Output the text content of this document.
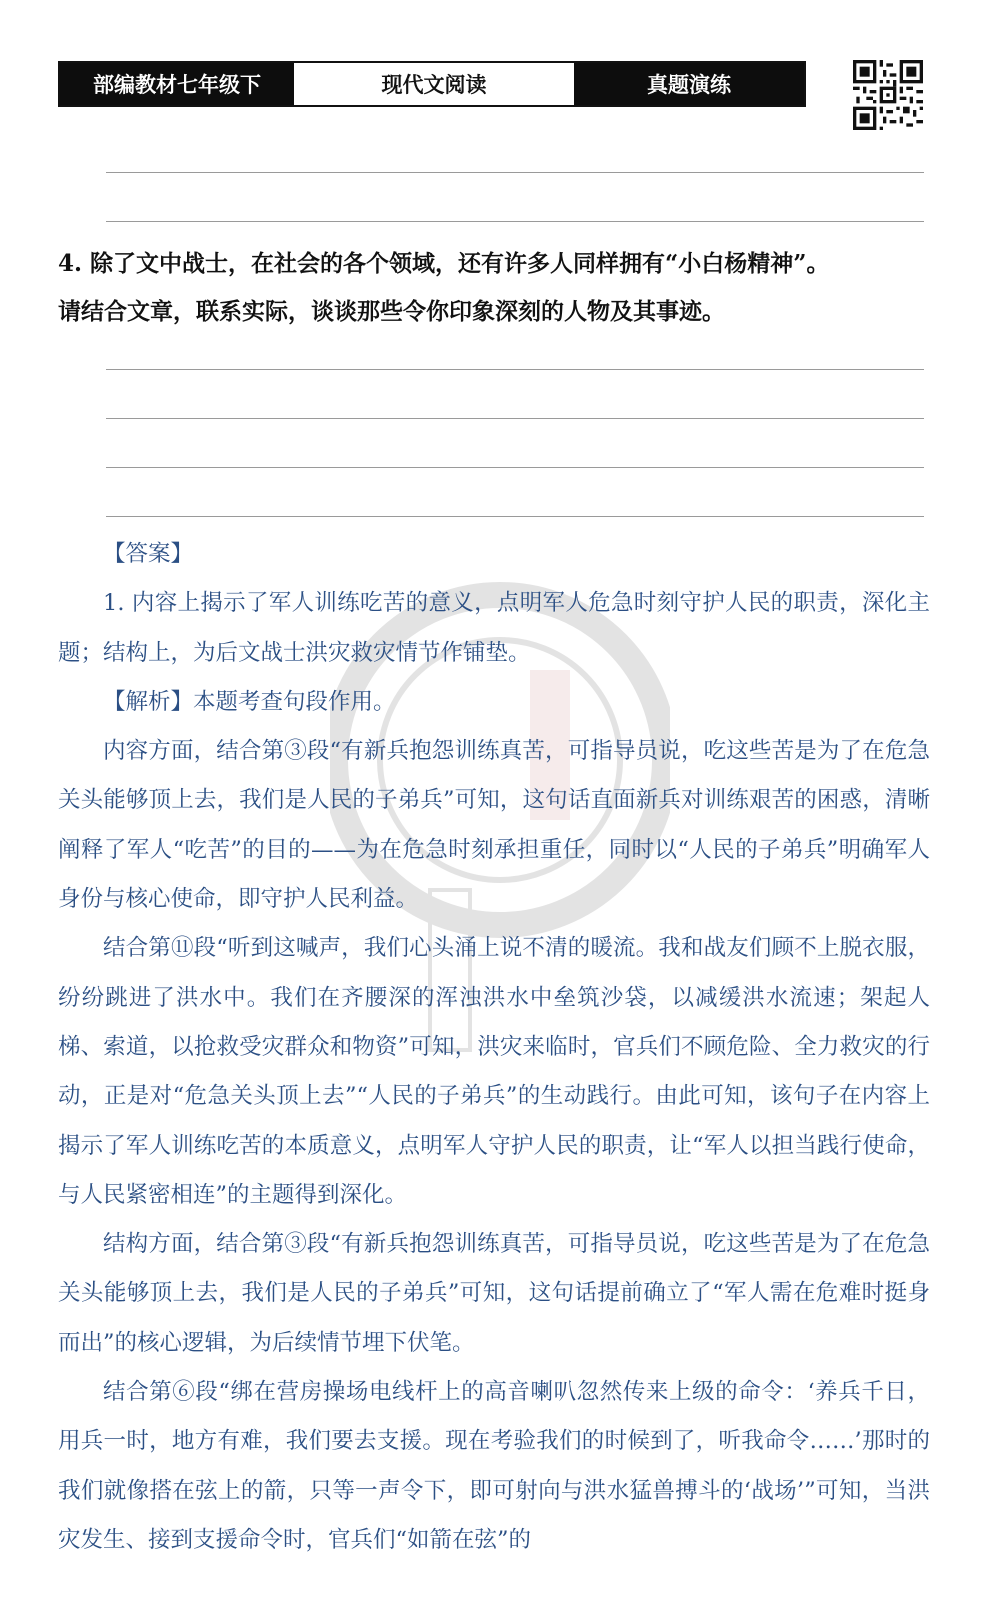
部编教材七年级下	现代文阅读	真题演练

4. 除了文中战士，在社会的各个领域，还有许多人同样拥有“小白杨精神”。

请结合文章，联系实际，谈谈那些令你印象深刻的人物及其事迹。

【答案】

1. 内容上揭示了军人训练吃苦的意义，点明军人危急时刻守护人民的职责，深化主题；结构上，为后文战士洪灾救灾情节作铺垫。

【解析】本题考查句段作用。

内容方面，结合第③段“有新兵抱怨训练真苦，可指导员说，吃这些苦是为了在危急关头能够顶上去，我们是人民的子弟兵”可知，这句话直面新兵对训练艰苦的困惑，清晰阐释了军人“吃苦”的目的——为在危急时刻承担重任，同时以“人民的子弟兵”明确军人身份与核心使命，即守护人民利益。

结合第⑪段“听到这喊声，我们心头涌上说不清的暖流。我和战友们顾不上脱衣服，纷纷跳进了洪水中。我们在齐腰深的浑浊洪水中垒筑沙袋，以减缓洪水流速；架起人梯、索道，以抢救受灾群众和物资”可知，洪灾来临时，官兵们不顾危险、全力救灾的行动，正是对“危急关头顶上去”“人民的子弟兵”的生动践行。由此可知，该句子在内容上揭示了军人训练吃苦的本质意义，点明军人守护人民的职责，让“军人以担当践行使命，与人民紧密相连”的主题得到深化。

结构方面，结合第③段“有新兵抱怨训练真苦，可指导员说，吃这些苦是为了在危急关头能够顶上去，我们是人民的子弟兵”可知，这句话提前确立了“军人需在危难时挺身而出”的核心逻辑，为后续情节埋下伏笔。

结合第⑥段“绑在营房操场电线杆上的高音喇叭忽然传来上级的命令：‘养兵千日，用兵一时，地方有难，我们要去支援。现在考验我们的时候到了，听我命令……’那时的我们就像搭在弦上的箭，只等一声令下，即可射向与洪水猛兽搏斗的‘战场’”可知，当洪灾发生、接到支援命令时，官兵们“如箭在弦”的
